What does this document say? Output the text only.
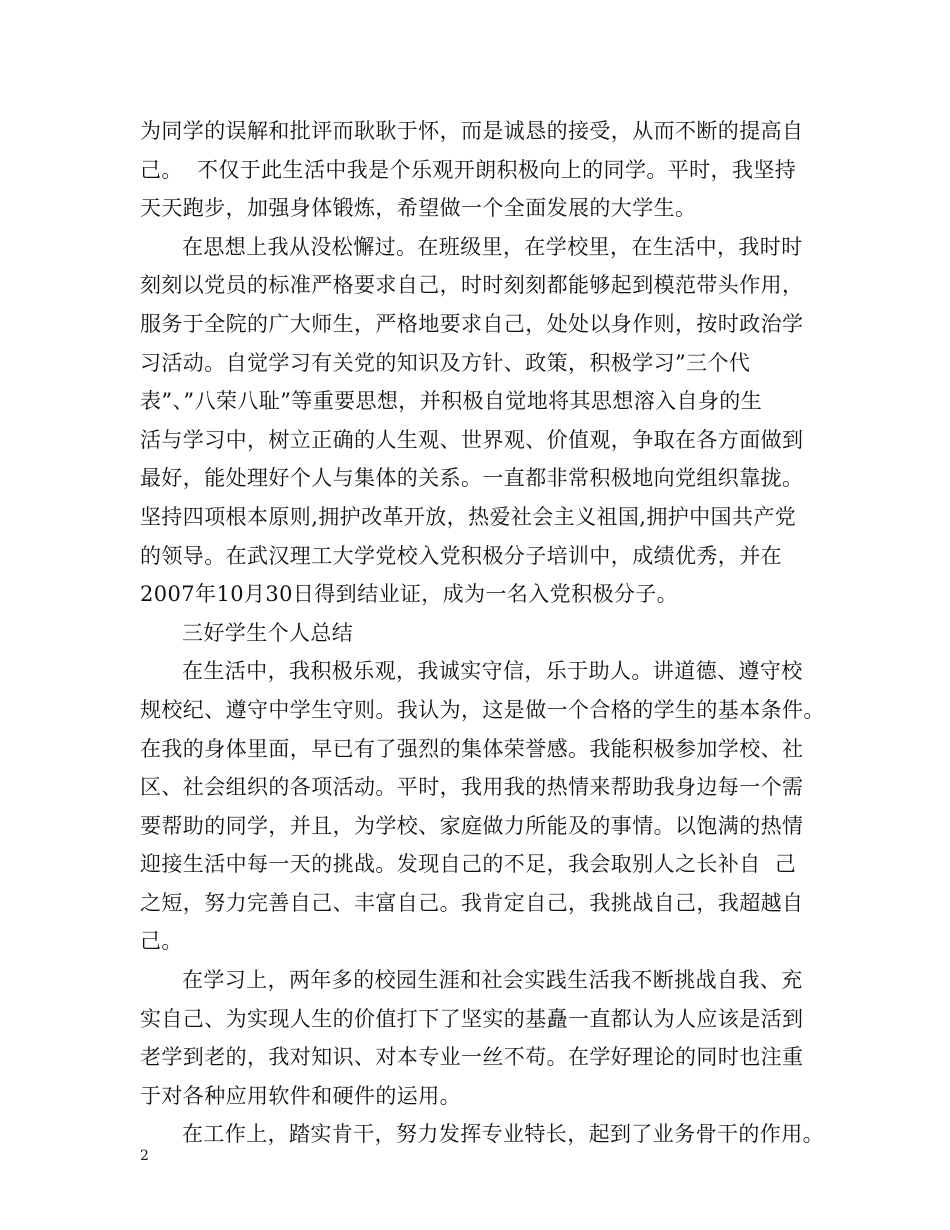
为同学的误解和批评而耿耿于怀，而是诚恳的接受，从而不断的提高自
己。  不仅于此生活中我是个乐观开朗积极向上的同学。平时，我坚持
天天跑步，加强身体锻炼，希望做一个全面发展的大学生。
在思想上我从没松懈过。在班级里，在学校里，在生活中，我时时
刻刻以党员的标准严格要求自己，时时刻刻都能够起到模范带头作用，
服务于全院的广大师生，严格地要求自己，处处以身作则，按时政治学
习活动。自觉学习有关党的知识及方针、政策，积极学习”三个代
表”、”八荣八耻”等重要思想，并积极自觉地将其思想溶入自身的生
活与学习中，树立正确的人生观、世界观、价值观，争取在各方面做到
最好，能处理好个人与集体的关系。一直都非常积极地向党组织靠拢。
坚持四项根本原则,拥护改革开放，热爱社会主义祖国,拥护中国共产党
的领导。在武汉理工大学党校入党积极分子培训中，成绩优秀，并在
2007年10月30日得到结业证，成为一名入党积极分子。
三好学生个人总结
在生活中，我积极乐观，我诚实守信，乐于助人。讲道德、遵守校
规校纪、遵守中学生守则。我认为，这是做一个合格的学生的基本条件。
在我的身体里面，早已有了强烈的集体荣誉感。我能积极参加学校、社
区、社会组织的各项活动。平时，我用我的热情来帮助我身边每一个需
要帮助的同学，并且，为学校、家庭做力所能及的事情。以饱满的热情
迎接生活中每一天的挑战。发现自己的不足，我会取别人之长补自  己
之短，努力完善自己、丰富自己。我肯定自己，我挑战自己，我超越自
己。
在学习上，两年多的校园生涯和社会实践生活我不断挑战自我、充
实自己、为实现人生的价值打下了坚实的基矗一直都认为人应该是活到
老学到老的，我对知识、对本专业一丝不苟。在学好理论的同时也注重
于对各种应用软件和硬件的运用。
在工作上，踏实肯干，努力发挥专业特长，起到了业务骨干的作用。
2
